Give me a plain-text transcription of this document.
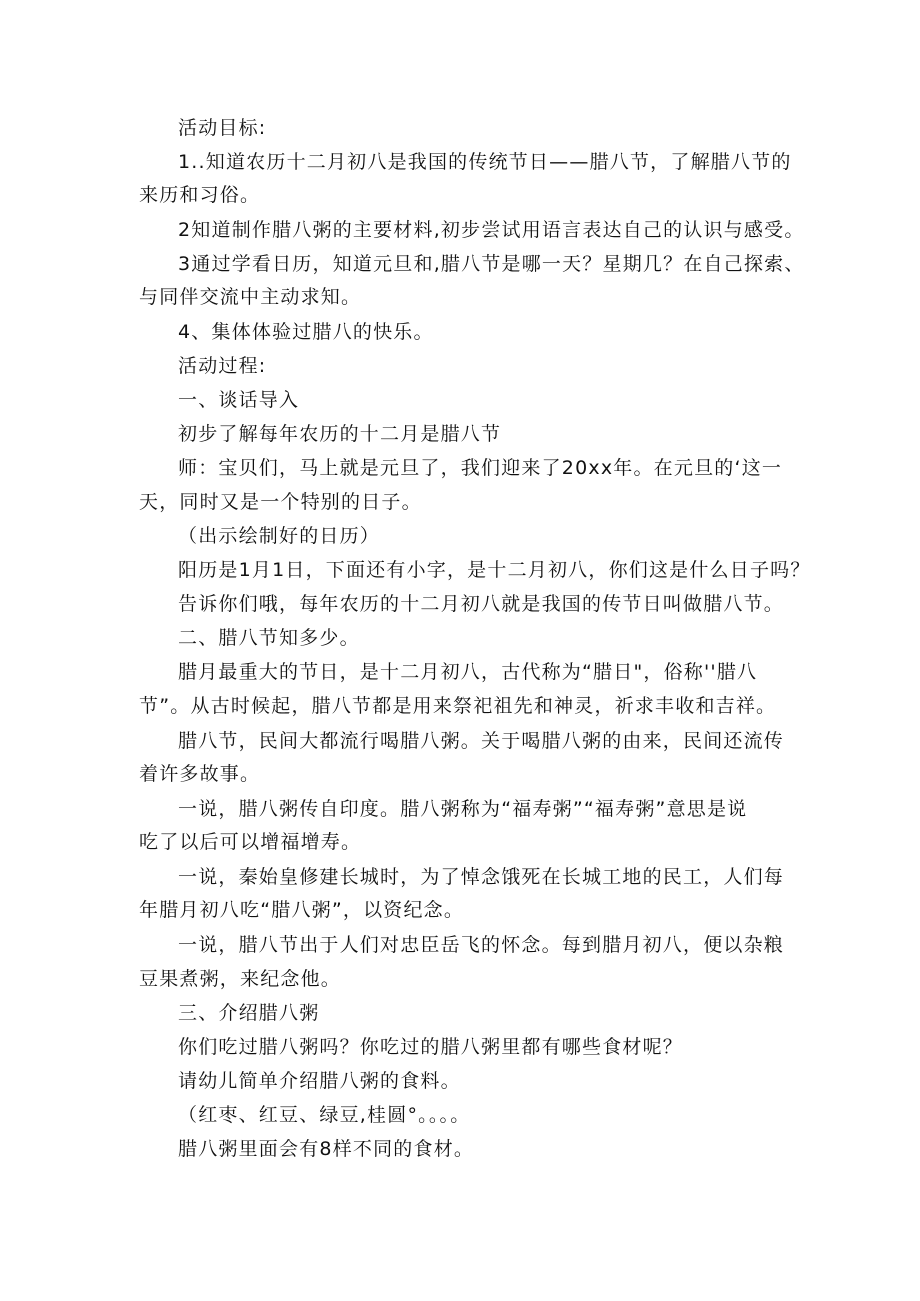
活动目标:
1..知道农历十二月初八是我国的传统节日——腊八节，了解腊八节的
来历和习俗。
2知道制作腊八粥的主要材料,初步尝试用语言表达自己的认识与感受。
3通过学看日历，知道元旦和,腊八节是哪一天？星期几？在自己探索、
与同伴交流中主动求知。
4、集体体验过腊八的快乐。
活动过程:
一、谈话导入
初步了解每年农历的十二月是腊八节
师：宝贝们，马上就是元旦了，我们迎来了20xx年。在元旦的‘这一
天，同时又是一个特别的日子。
（出示绘制好的日历）
阳历是1月1日，下面还有小字，是十二月初八，你们这是什么日子吗？
告诉你们哦，每年农历的十二月初八就是我国的传节日叫做腊八节。
二、腊八节知多少。
腊月最重大的节日，是十二月初八，古代称为“腊日"，俗称''腊八
节”。从古时候起，腊八节都是用来祭祀祖先和神灵，祈求丰收和吉祥。
腊八节，民间大都流行喝腊八粥。关于喝腊八粥的由来，民间还流传
着许多故事。
一说，腊八粥传自印度。腊八粥称为“福寿粥”“福寿粥”意思是说
吃了以后可以增福增寿。
一说，秦始皇修建长城时，为了悼念饿死在长城工地的民工，人们每
年腊月初八吃“腊八粥”，以资纪念。
一说，腊八节出于人们对忠臣岳飞的怀念。每到腊月初八，便以杂粮
豆果煮粥，来纪念他。
三、介绍腊八粥
你们吃过腊八粥吗？你吃过的腊八粥里都有哪些食材呢？
请幼儿简单介绍腊八粥的食料。
（红枣、红豆、绿豆,桂圆°。。。。
腊八粥里面会有8样不同的食材。
